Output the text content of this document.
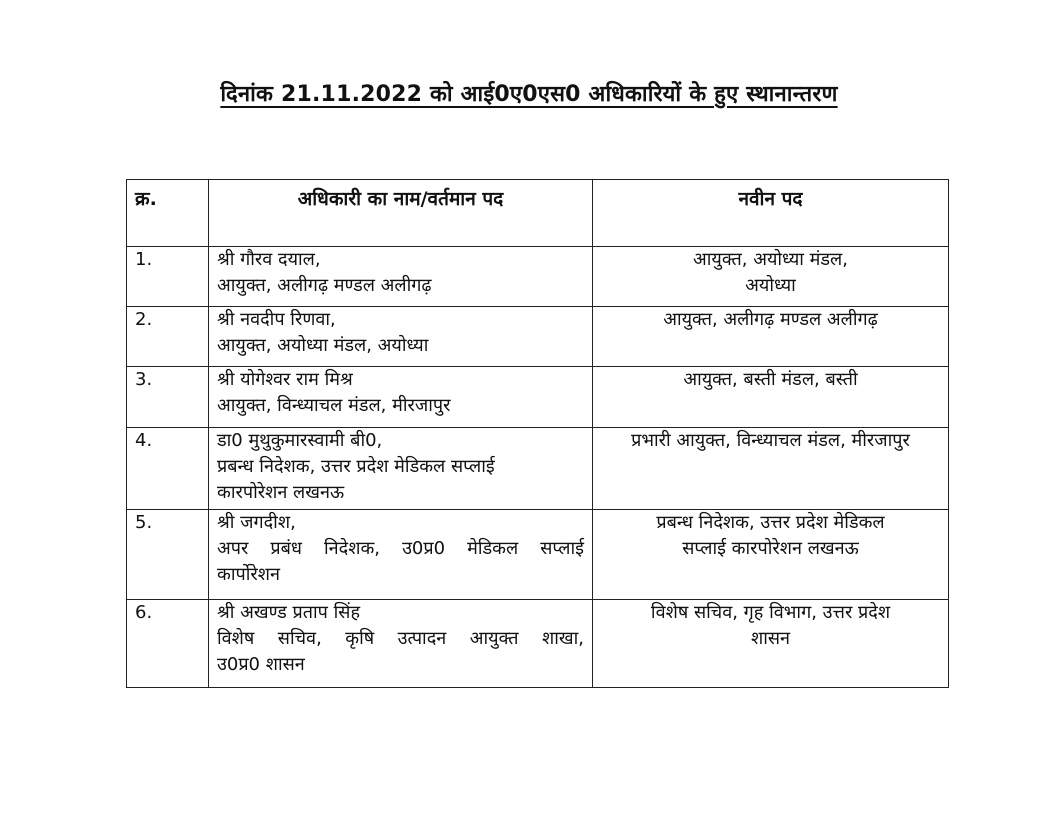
दिनांक 21.11.2022 को आई0ए0एस0 अधिकारियों के हुए स्थानान्तरण
क्र.	अधिकारी का नाम/वर्तमान पद	नवीन पद
1.	श्री गौरव दयाल,
आयुक्त, अलीगढ़ मण्डल अलीगढ़	आयुक्त, अयोध्या मंडल,
अयोध्या

2.	श्री नवदीप रिणवा,
आयुक्त, अयोध्या मंडल, अयोध्या	आयुक्त, अलीगढ़ मण्डल अलीगढ़

3.	श्री योगेश्वर राम मिश्र
आयुक्त, विन्ध्याचल मंडल, मीरजापुर	आयुक्त, बस्ती मंडल, बस्ती

4.	डा0 मुथुकुमारस्वामी बी0,
प्रबन्ध निदेशक, उत्तर प्रदेश मेडिकल सप्लाई
कारपोरेशन लखनऊ	प्रभारी आयुक्त, विन्ध्याचल मंडल, मीरजापुर

5.	श्री जगदीश,
अपर प्रबंध निदेशक, उ0प्र0 मेडिकल सप्लाई
कार्पोरेशन	प्रबन्ध निदेशक, उत्तर प्रदेश मेडिकल
सप्लाई कारपोरेशन लखनऊ

6.	श्री अखण्ड प्रताप सिंह
विशेष सचिव, कृषि उत्पादन आयुक्त शाखा,
उ0प्र0 शासन	विशेष सचिव, गृह विभाग, उत्तर प्रदेश
शासन
